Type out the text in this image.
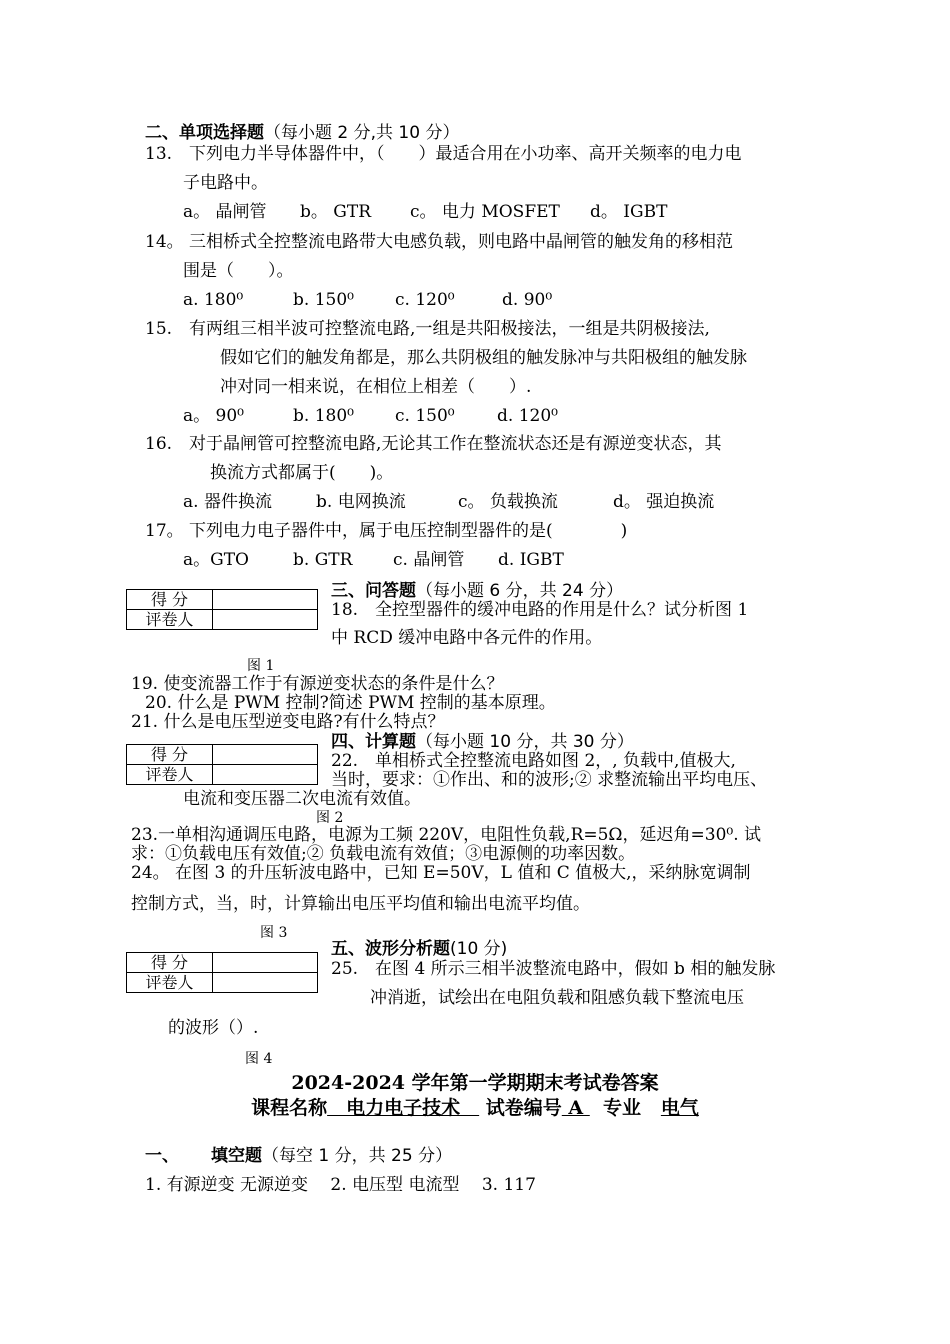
二、单项选择题（每小题 2 分,共 10 分）
13.　下列电力半导体器件中，（　　）最适合用在小功率、高开关频率的电力电
子电路中。
a。 晶闸管 b。 GTR c。 电力 MOSFET d。 IGBT
14。 三相桥式全控整流电路带大电感负载，则电路中晶闸管的触发角的移相范
围是（　　）。
a. 180⁰	b. 150⁰ c. 120⁰	d. 90⁰
15.　有两组三相半波可控整流电路,一组是共阳极接法，一组是共阴极接法,
假如它们的触发角都是，那么共阴极组的触发脉冲与共阳极组的触发脉
冲对同一相来说，在相位上相差（　　）.
a。 90⁰	b. 180⁰ c. 150⁰ d. 120⁰
16.　对于晶闸管可控整流电路,无论其工作在整流状态还是有源逆变状态，其
换流方式都属于(　　)。
a. 器件换流	b. 电网换流	c。 负载换流	d。 强迫换流
17。 下列电力电子器件中，属于电压控制型器件的是(　　　　)
a。GTO	b. GTR c. 晶闸管 d. IGBT
得 分	
评卷人	
三、问答题（每小题 6 分，共 24 分）
18.　全控型器件的缓冲电路的作用是什么？试分析图 1
中 RCD 缓冲电路中各元件的作用。
图 1
19. 使变流器工作于有源逆变状态的条件是什么？
20. 什么是 PWM 控制?简述 PWM 控制的基本原理。
21. 什么是电压型逆变电路?有什么特点？
得 分	
评卷人	
四、计算题（每小题 10 分，共 30 分）
22.　单相桥式全控整流电路如图 2，, 负载中,值极大,
当时，要求：①作出、和的波形;② 求整流输出平均电压、
电流和变压器二次电流有效值。
图 2
23.一单相沟通调压电路，电源为工频 220V，电阻性负载,R=5Ω，延迟角=30⁰. 试
求：①负载电压有效值;② 负载电流有效值；③电源侧的功率因数。
24。 在图 3 的升压斩波电路中，已知 E=50V，L 值和 C 值极大,，采纳脉宽调制
控制方式，当，时，计算输出电压平均值和输出电流平均值。
图 3
得 分	
评卷人	
五、波形分析题(10 分)
25.　在图 4 所示三相半波整流电路中，假如 b 相的触发脉
冲消逝，试绘出在电阻负载和阻感负载下整流电压
的波形（）.
图 4
2024-2024 学年第一学期期末考试卷答案
课程名称　电力电子技术　 试卷编号 A   专业 电气
一、 填空题（每空 1 分，共 25 分）
1. 有源逆变 无源逆变　 2. 电压型 电流型　 3. 117
